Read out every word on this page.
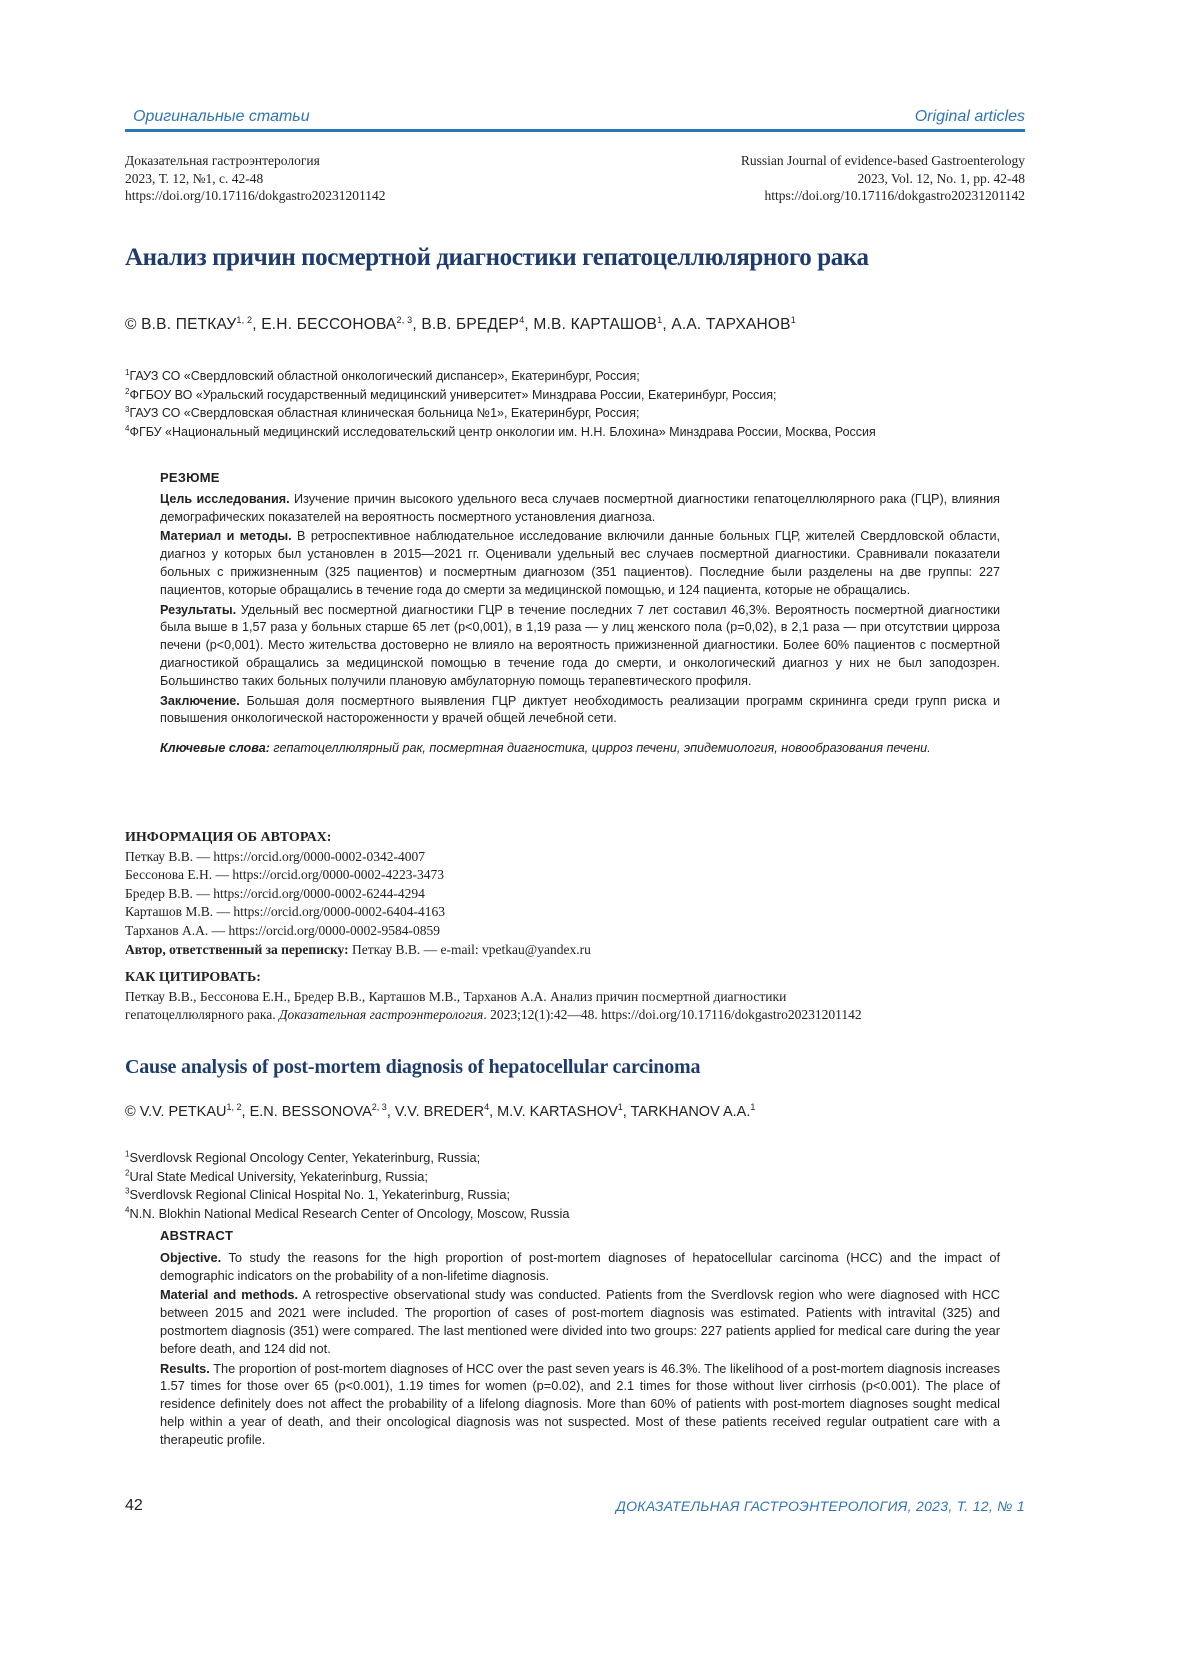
Оригинальные статьи	Original articles
Доказательная гастроэнтерология
2023, Т. 12, №1, с. 42-48
https://doi.org/10.17116/dokgastro20231201142
Russian Journal of evidence-based Gastroenterology
2023, Vol. 12, No. 1, pp. 42-48
https://doi.org/10.17116/dokgastro20231201142
Анализ причин посмертной диагностики гепатоцеллюлярного рака
© В.В. ПЕТКАУ$^{1, 2}$, Е.Н. БЕССОНОВА$^{2, 3}$, В.В. БРЕДЕР$^4$, М.В. КАРТАШОВ$^1$, А.А. ТАРХАНОВ$^1$
$^1$ГАУЗ СО «Свердловский областной онкологический диспансер», Екатеринбург, Россия;
$^2$ФГБОУ ВО «Уральский государственный медицинский университет» Минздрава России, Екатеринбург, Россия;
$^3$ГАУЗ СО «Свердловская областная клиническая больница №1», Екатеринбург, Россия;
$^4$ФГБУ «Национальный медицинский исследовательский центр онкологии им. Н.Н. Блохина» Минздрава России, Москва, Россия
РЕЗЮМЕ

Цель исследования. Изучение причин высокого удельного веса случаев посмертной диагностики гепатоцеллюлярного рака (ГЦР), влияния демографических показателей на вероятность посмертного установления диагноза.

Материал и методы. В ретроспективное наблюдательное исследование включили данные больных ГЦР, жителей Свердловской области, диагноз у которых был установлен в 2015—2021 гг. Оценивали удельный вес случаев посмертной диагностики. Сравнивали показатели больных с прижизненным (325 пациентов) и посмертным диагнозом (351 пациентов). Последние были разделены на две группы: 227 пациентов, которые обращались в течение года до смерти за медицинской помощью, и 124 пациента, которые не обращались.

Результаты. Удельный вес посмертной диагностики ГЦР в течение последних 7 лет составил 46,3%. Вероятность посмертной диагностики была выше в 1,57 раза у больных старше 65 лет (p<0,001), в 1,19 раза — у лиц женского пола (p=0,02), в 2,1 раза — при отсутствии цирроза печени (p<0,001). Место жительства достоверно не влияло на вероятность прижизненной диагностики. Более 60% пациентов с посмертной диагностикой обращались за медицинской помощью в течение года до смерти, и онкологический диагноз у них не был заподозрен. Большинство таких больных получили плановую амбулаторную помощь терапевтического профиля.

Заключение. Большая доля посмертного выявления ГЦР диктует необходимость реализации программ скрининга среди групп риска и повышения онкологической настороженности у врачей общей лечебной сети.

Ключевые слова: гепатоцеллюлярный рак, посмертная диагностика, цирроз печени, эпидемиология, новообразования печени.

ИНФОРМАЦИЯ ОБ АВТОРАХ:
Петкау В.В. — https://orcid.org/0000-0002-0342-4007
Бессонова Е.Н. — https://orcid.org/0000-0002-4223-3473
Бредер В.В. — https://orcid.org/0000-0002-6244-4294
Карташов М.В. — https://orcid.org/0000-0002-6404-4163
Тарханов А.А. — https://orcid.org/0000-0002-9584-0859
Автор, ответственный за переписку: Петкау В.В. — e-mail: vpetkau@yandex.ru
КАК ЦИТИРОВАТЬ:
Петкау В.В., Бессонова Е.Н., Бредер В.В., Карташов М.В., Тарханов А.А. Анализ причин посмертной диагностики
гепатоцеллюлярного рака. Доказательная гастроэнтерология. 2023;12(1):42—48. https://doi.org/10.17116/dokgastro20231201142
Cause analysis of post-mortem diagnosis of hepatocellular carcinoma
© V.V. PETKAU$^{1, 2}$, E.N. BESSONOVA$^{2, 3}$, V.V. BREDER$^4$, M.V. KARTASHOV$^1$, TARKHANOV A.A.$^1$
$^1$Sverdlovsk Regional Oncology Center, Yekaterinburg, Russia;
$^2$Ural State Medical University, Yekaterinburg, Russia;
$^3$Sverdlovsk Regional Clinical Hospital No. 1, Yekaterinburg, Russia;
$^4$N.N. Blokhin National Medical Research Center of Oncology, Moscow, Russia
ABSTRACT

Objective. To study the reasons for the high proportion of post-mortem diagnoses of hepatocellular carcinoma (HCC) and the impact of demographic indicators on the probability of a non-lifetime diagnosis.

Material and methods. A retrospective observational study was conducted. Patients from the Sverdlovsk region who were diagnosed with HCC between 2015 and 2021 were included. The proportion of cases of post-mortem diagnosis was estimated. Patients with intravital (325) and postmortem diagnosis (351) were compared. The last mentioned were divided into two groups: 227 patients applied for medical care during the year before death, and 124 did not.

Results. The proportion of post-mortem diagnoses of HCC over the past seven years is 46.3%. The likelihood of a post-mortem diagnosis increases 1.57 times for those over 65 (p<0.001), 1.19 times for women (p=0.02), and 2.1 times for those without liver cirrhosis (p<0.001). The place of residence definitely does not affect the probability of a lifelong diagnosis. More than 60% of patients with post-mortem diagnoses sought medical help within a year of death, and their oncological diagnosis was not suspected. Most of these patients received regular outpatient care with a therapeutic profile.

42	ДОКАЗАТЕЛЬНАЯ ГАСТРОЭНТЕРОЛОГИЯ, 2023, Т. 12, № 1
